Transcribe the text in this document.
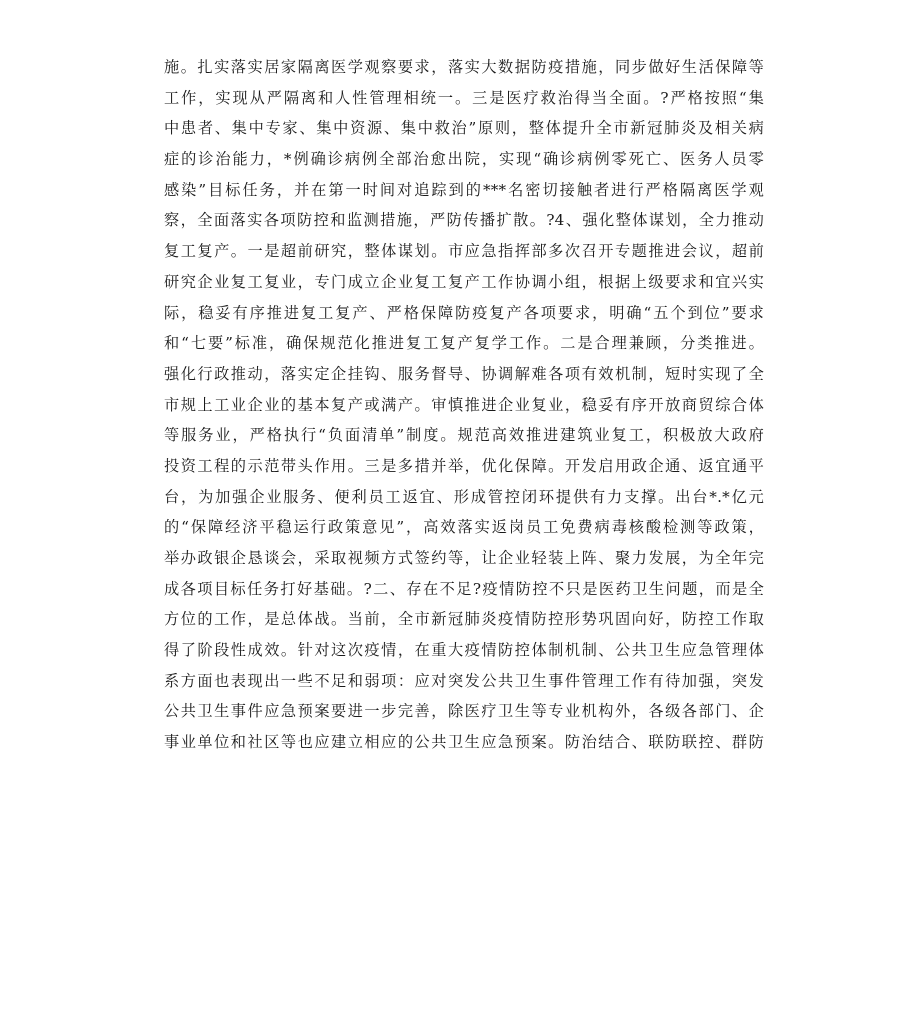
施。扎实落实居家隔离医学观察要求，落实大数据防疫措施，同步做好生活保障等
工作，实现从严隔离和人性管理相统一。三是医疗救治得当全面。?严格按照“集
中患者、集中专家、集中资源、集中救治”原则，整体提升全市新冠肺炎及相关病
症的诊治能力，*例确诊病例全部治愈出院，实现“确诊病例零死亡、医务人员零
感染”目标任务，并在第一时间对追踪到的***名密切接触者进行严格隔离医学观
察，全面落实各项防控和监测措施，严防传播扩散。?4、强化整体谋划，全力推动
复工复产。一是超前研究，整体谋划。市应急指挥部多次召开专题推进会议，超前
研究企业复工复业，专门成立企业复工复产工作协调小组，根据上级要求和宜兴实
际，稳妥有序推进复工复产、严格保障防疫复产各项要求，明确“五个到位”要求
和“七要”标准，确保规范化推进复工复产复学工作。二是合理兼顾，分类推进。
强化行政推动，落实定企挂钩、服务督导、协调解难各项有效机制，短时实现了全
市规上工业企业的基本复产或满产。审慎推进企业复业，稳妥有序开放商贸综合体
等服务业，严格执行“负面清单”制度。规范高效推进建筑业复工，积极放大政府
投资工程的示范带头作用。三是多措并举，优化保障。开发启用政企通、返宜通平
台，为加强企业服务、便利员工返宜、形成管控闭环提供有力支撑。出台*.*亿元
的“保障经济平稳运行政策意见”，高效落实返岗员工免费病毒核酸检测等政策，
举办政银企恳谈会，采取视频方式签约等，让企业轻装上阵、聚力发展，为全年完
成各项目标任务打好基础。?二、存在不足?疫情防控不只是医药卫生问题，而是全
方位的工作，是总体战。当前，全市新冠肺炎疫情防控形势巩固向好，防控工作取
得了阶段性成效。针对这次疫情，在重大疫情防控体制机制、公共卫生应急管理体
系方面也表现出一些不足和弱项：应对突发公共卫生事件管理工作有待加强，突发
公共卫生事件应急预案要进一步完善，除医疗卫生等专业机构外，各级各部门、企
事业单位和社区等也应建立相应的公共卫生应急预案。防治结合、联防联控、群防
